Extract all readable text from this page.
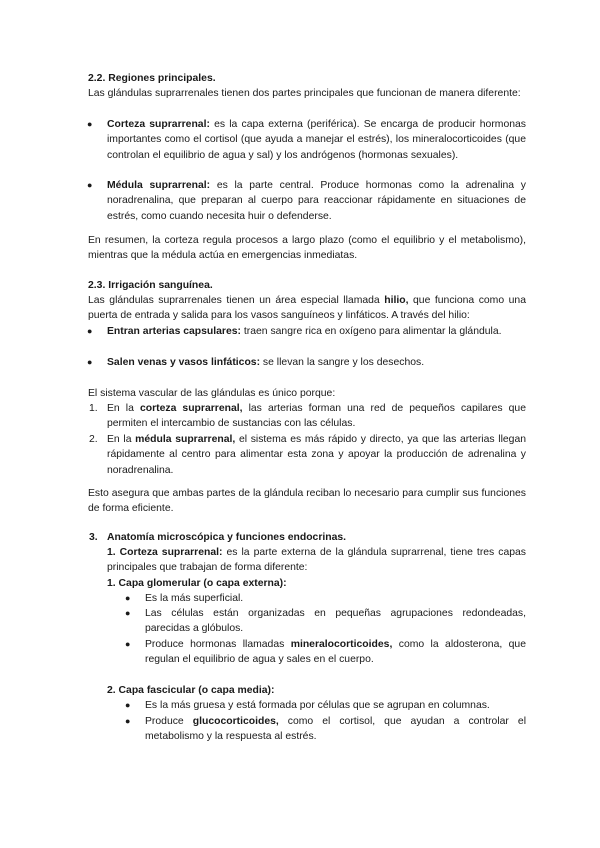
2.2. Regiones principales.

Las glándulas suprarrenales tienen dos partes principales que funcionan de manera diferente:

● Corteza suprarrenal: es la capa externa (periférica). Se encarga de producir hormonas importantes como el cortisol (que ayuda a manejar el estrés), los mineralocorticoides (que controlan el equilibrio de agua y sal) y los andrógenos (hormonas sexuales).
● Médula suprarrenal: es la parte central. Produce hormonas como la adrenalina y noradrenalina, que preparan al cuerpo para reaccionar rápidamente en situaciones de estrés, como cuando necesita huir o defenderse.

En resumen, la corteza regula procesos a largo plazo (como el equilibrio y el metabolismo), mientras que la médula actúa en emergencias inmediatas.

2.3. Irrigación sanguínea.

Las glándulas suprarrenales tienen un área especial llamada hilio, que funciona como una puerta de entrada y salida para los vasos sanguíneos y linfáticos. A través del hilio:

● Entran arterias capsulares: traen sangre rica en oxígeno para alimentar la glándula.
● Salen venas y vasos linfáticos: se llevan la sangre y los desechos.

El sistema vascular de las glándulas es único porque:

1. En la corteza suprarrenal, las arterias forman una red de pequeños capilares que permiten el intercambio de sustancias con las células.
2. En la médula suprarrenal, el sistema es más rápido y directo, ya que las arterias llegan rápidamente al centro para alimentar esta zona y apoyar la producción de adrenalina y noradrenalina.

Esto asegura que ambas partes de la glándula reciban lo necesario para cumplir sus funciones de forma eficiente.

3. Anatomía microscópica y funciones endocrinas.

1. Corteza suprarrenal: es la parte externa de la glándula suprarrenal, tiene tres capas principales que trabajan de forma diferente:

1. Capa glomerular (o capa externa):

● Es la más superficial.
● Las células están organizadas en pequeñas agrupaciones redondeadas, parecidas a glóbulos.
● Produce hormonas llamadas mineralocorticoides, como la aldosterona, que regulan el equilibrio de agua y sales en el cuerpo.

2. Capa fascicular (o capa media):

● Es la más gruesa y está formada por células que se agrupan en columnas.
● Produce glucocorticoides, como el cortisol, que ayudan a controlar el metabolismo y la respuesta al estrés.
